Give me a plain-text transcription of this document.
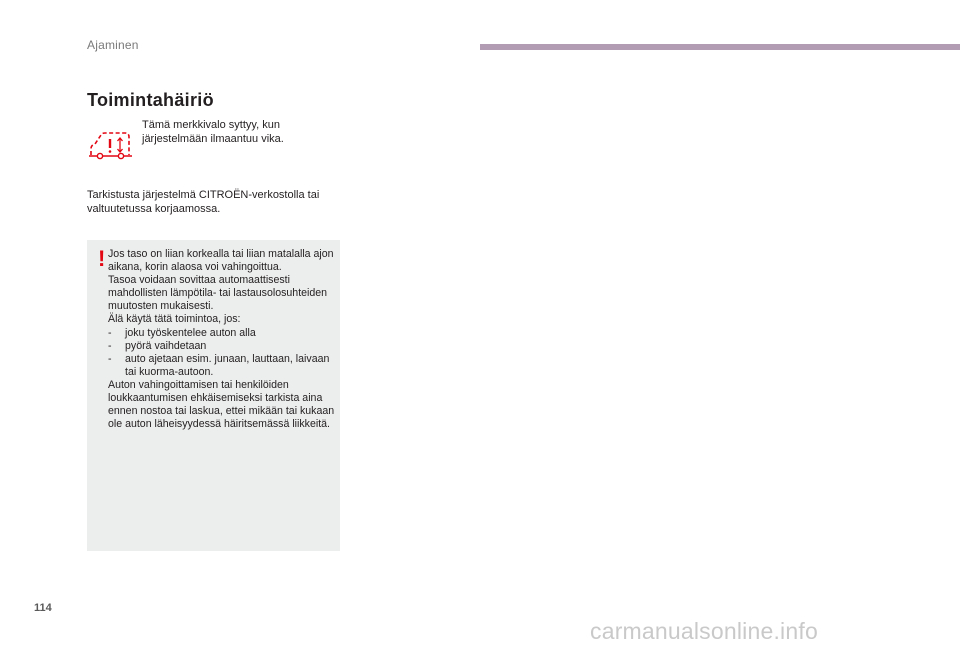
Ajaminen
Toimintahäiriö
Tämä merkkivalo syttyy, kun järjestelmään ilmaantuu vika.
Tarkistusta järjestelmä CITROËN-verkostolla tai valtuutetussa korjaamossa.
! Jos taso on liian korkealla tai liian matalalla ajon aikana, korin alaosa voi vahingoittua.

Tasoa voidaan sovittaa automaattisesti mahdollisten lämpötila- tai lastausolosuhteiden muutosten mukaisesti.

Älä käytä tätä toimintoa, jos:

- joku työskentelee auton alla
- pyörä vaihdetaan
- auto ajetaan esim. junaan, lauttaan, laivaan tai kuorma-autoon.

Auton vahingoittamisen tai henkilöiden loukkaantumisen ehkäisemiseksi tarkista aina ennen nostoa tai laskua, ettei mikään tai kukaan ole auton läheisyydessä häiritsemässä liikkeitä.

114
carmanualsonline.info
